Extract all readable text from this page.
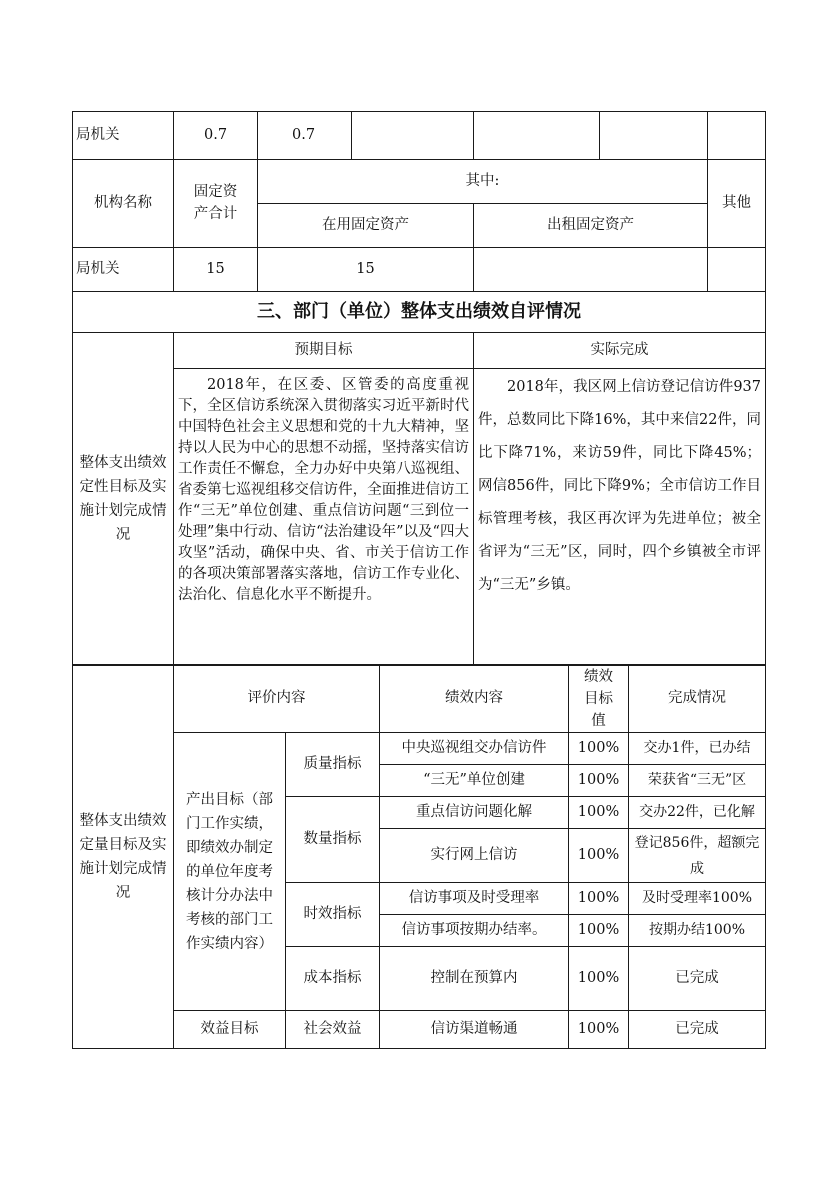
局机关	0.7	0.7				
机构名称	固定资产合计	其中:				其他
		在用固定资产		出租固定资产		
局机关	15	15				
三、部门（单位）整体支出绩效自评情况						
整体支出绩效定性目标及实施计划完成情况	预期目标			实际完成		
	2018年，在区委、区管委的高度重视下，全区信访系统深入贯彻落实习近平新时代中国特色社会主义思想和党的十九大精神，坚持以人民为中心的思想不动摇，坚持落实信访工作责任不懈怠，全力办好中央第八巡视组、省委第七巡视组移交信访件，全面推进信访工作“三无”单位创建、重点信访问题“三到位一处理”集中行动、信访“法治建设年”以及“四大攻坚”活动，确保中央、省、市关于信访工作的各项决策部署落实落地，信访工作专业化、法治化、信息化水平不断提升。			2018年，我区网上信访登记信访件937件，总数同比下降16%，其中来信22件，同比下降71%，来访59件，同比下降45%；网信856件，同比下降9%；全市信访工作目标管理考核，我区再次评为先进单位；被全省评为“三无”区，同时，四个乡镇被全市评为“三无”乡镇。		
整体支出绩效定量目标及实施计划完成情况	评价内容		绩效内容	绩效目标值	完成情况
	产出目标（部门工作实绩，即绩效办制定的单位年度考核计分办法中考核的部门工作实绩内容）	质量指标	中央巡视组交办信访件	100%	交办1件，已办结
			“三无”单位创建	100%	荣获省“三无”区
		数量指标	重点信访问题化解	100%	交办22件，已化解
			实行网上信访	100%	登记856件，超额完成
		时效指标	信访事项及时受理率	100%	及时受理率100%
			信访事项按期办结率。	100%	按期办结100%
		成本指标	控制在预算内	100%	已完成

	效益目标	社会效益	信访渠道畅通	100%	已完成
